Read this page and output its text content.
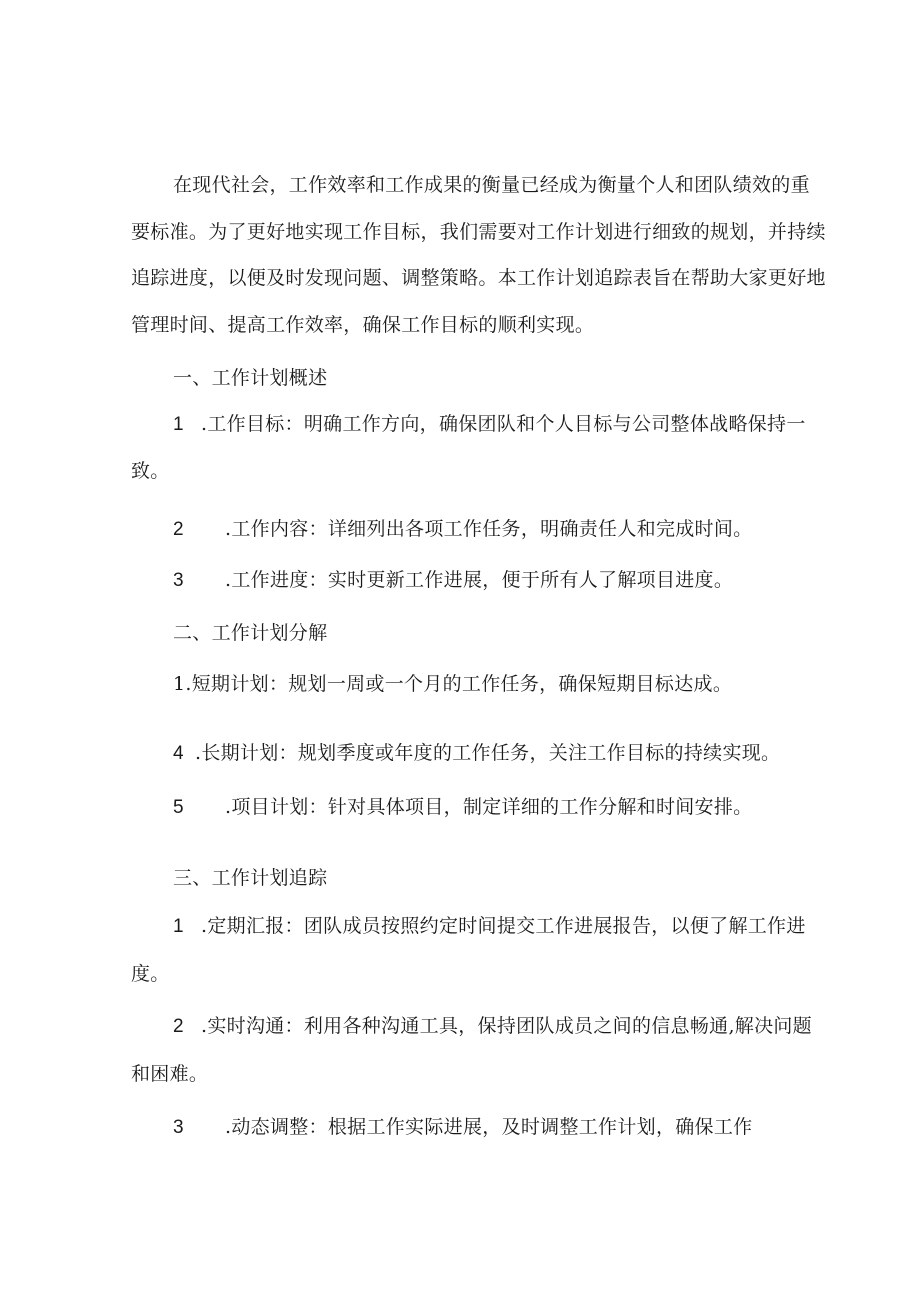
在现代社会，工作效率和工作成果的衡量已经成为衡量个人和团队绩效的重
要标准。为了更好地实现工作目标，我们需要对工作计划进行细致的规划，并持续
追踪进度，以便及时发现问题、调整策略。本工作计划追踪表旨在帮助大家更好地
管理时间、提高工作效率，确保工作目标的顺利实现。
一、工作计划概述
1 .工作目标：明确工作方向，确保团队和个人目标与公司整体战略保持一
致。
2 .工作内容：详细列出各项工作任务，明确责任人和完成时间。
3 .工作进度：实时更新工作进展，便于所有人了解项目进度。
二、工作计划分解
1.短期计划：规划一周或一个月的工作任务，确保短期目标达成。
4 .长期计划：规划季度或年度的工作任务，关注工作目标的持续实现。
5 .项目计划：针对具体项目，制定详细的工作分解和时间安排。
三、工作计划追踪
1 .定期汇报：团队成员按照约定时间提交工作进展报告，以便了解工作进
度。
2 .实时沟通：利用各种沟通工具，保持团队成员之间的信息畅通,解决问题
和困难。
3 .动态调整：根据工作实际进展，及时调整工作计划，确保工作
